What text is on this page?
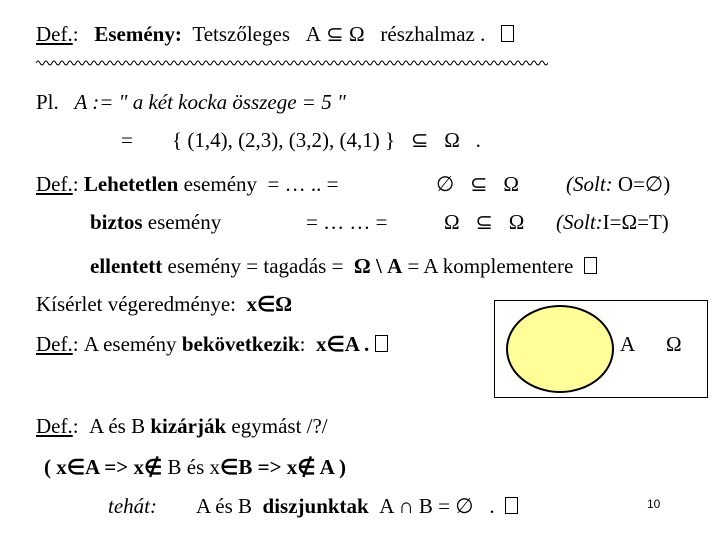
Def.: Esemény: Tetszőleges A ⊆ Ω részhalmaz .
Pl. A := " a két kocka összege = 5 "
= { (1,4), (2,3), (3,2), (4,1) } ⊆ Ω .
Def.: Lehetetlen esemény = … .. =	∅ ⊆ Ω (Solt: O=∅)
biztos esemény	= … … =	Ω ⊆ Ω (Solt:I=Ω=T)
ellentett esemény = tagadás = Ω \ A = A komplementere
Kísérlet végeredménye: x∈Ω
Def.: A esemény bekövetkezik: x∈A .	A Ω
Def.: A és B kizárják egymást /?/
( x∈A => x∉ B és x∈B => x∉ A )
tehát: A és B diszjunktak A ∩ B = ∅ .	10
